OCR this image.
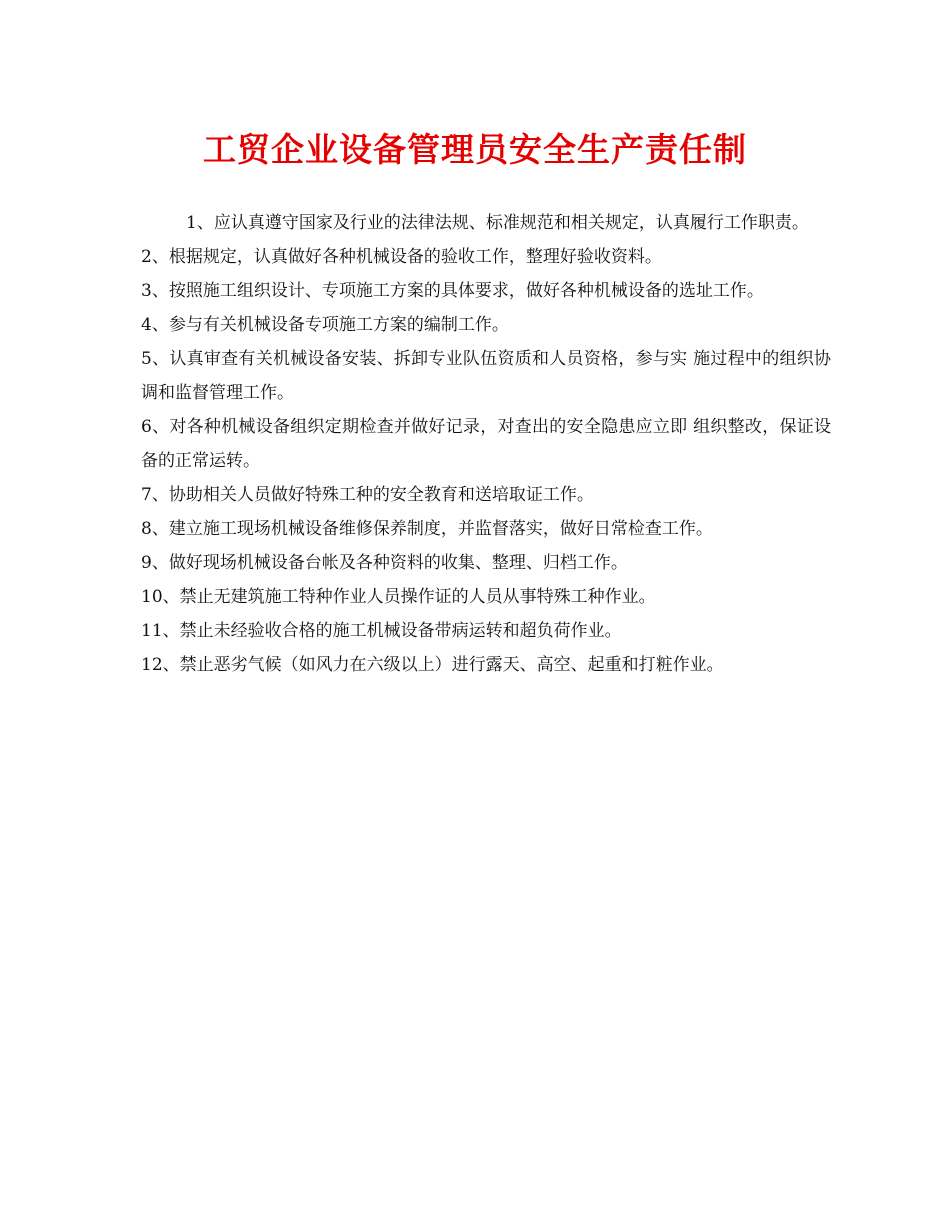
工贸企业设备管理员安全生产责任制

1、应认真遵守国家及行业的法律法规、标准规范和相关规定，认真履行工作职责。

2、根据规定，认真做好各种机械设备的验收工作，整理好验收资料。

3、按照施工组织设计、专项施工方案的具体要求，做好各种机械设备的选址工作。

4、参与有关机械设备专项施工方案的编制工作。

5、认真审查有关机械设备安装、拆卸专业队伍资质和人员资格，参与实 施过程中的组织协调和监督管理工作。

6、对各种机械设备组织定期检查并做好记录，对查出的安全隐患应立即 组织整改，保证设备的正常运转。

7、协助相关人员做好特殊工种的安全教育和送培取证工作。

8、建立施工现场机械设备维修保养制度，并监督落实，做好日常检查工作。

9、做好现场机械设备台帐及各种资料的收集、整理、归档工作。

10、禁止无建筑施工特种作业人员操作证的人员从事特殊工种作业。

11、禁止未经验收合格的施工机械设备带病运转和超负荷作业。

12、禁止恶劣气候（如风力在六级以上）进行露天、高空、起重和打粧作业。
